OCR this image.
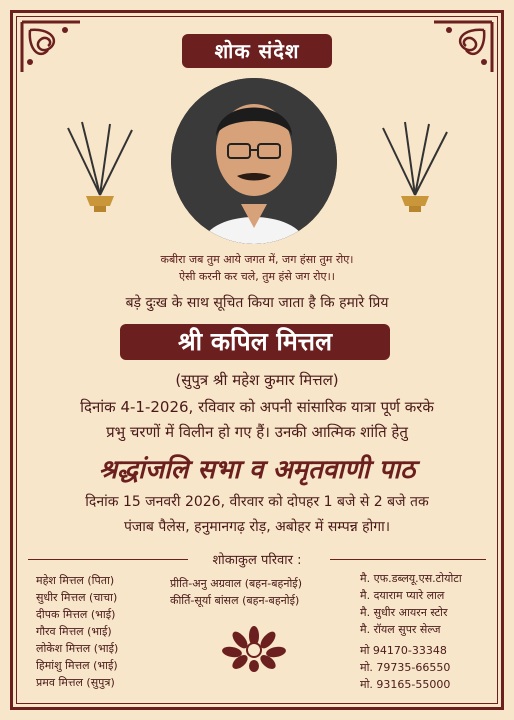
शोक संदेश
कबीरा जब तुम आये जगत में, जग हंसा तुम रोए।
ऐसी करनी कर चले, तुम हंसे जग रोए।।
बड़े दुःख के साथ सूचित किया जाता है कि हमारे प्रिय
श्री कपिल मित्तल
(सुपुत्र श्री महेश कुमार मित्तल)
दिनांक 4-1-2026, रविवार को अपनी सांसारिक यात्रा पूर्ण करके
प्रभु चरणों में विलीन हो गए हैं। उनकी आत्मिक शांति हेतु
श्रद्धांजलि सभा व अमृतवाणी पाठ
दिनांक 15 जनवरी 2026, वीरवार को दोपहर 1 बजे से 2 बजे तक
पंजाब पैलेस, हनुमानगढ़ रोड़, अबोहर में सम्पन्न होगा।
शोकाकुल परिवार :
महेश मित्तल (पिता)
सुधीर मित्तल (चाचा)
दीपक मित्तल (भाई)
गौरव मित्तल (भाई)
लोकेश मित्तल (भाई)
हिमांशु मित्तल (भाई)
प्रमव मित्तल (सुपुत्र)
प्रीति-अनु अग्रवाल (बहन-बहनोई)
कीर्ति-सूर्या बांसल (बहन-बहनोई)
मै. एफ.डब्लयू.एस.टोयोटा
मै. दयाराम प्यारे लाल
मै. सुधीर आयरन स्टोर
मै. रॉयल सुपर सेल्ज
मो 94170-33348
मो. 79735-66550
मो. 93165-55000
